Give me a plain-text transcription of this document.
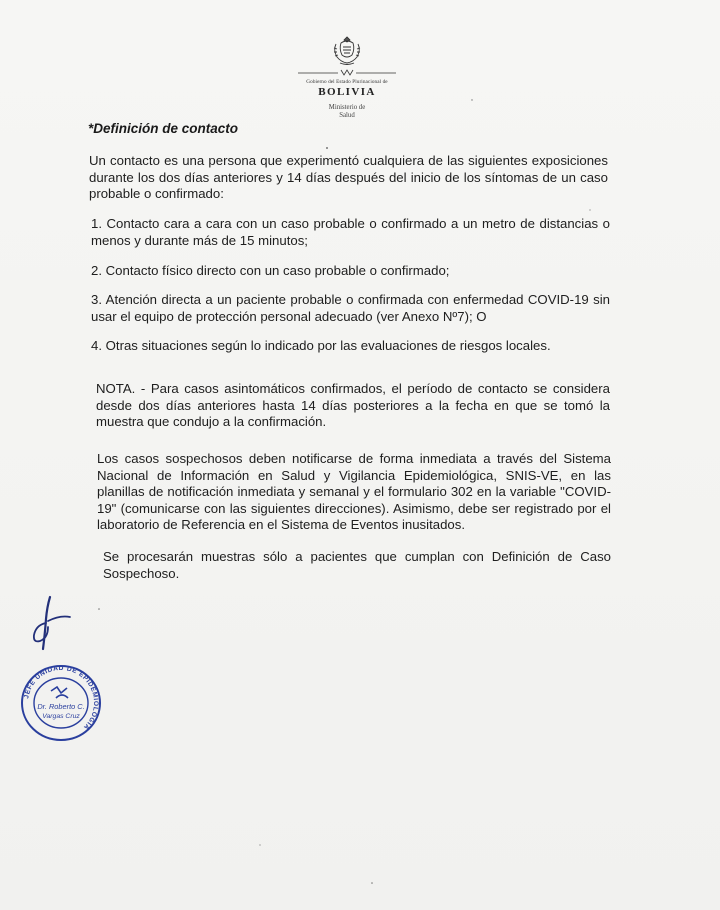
Gobierno del Estado Plurinacional de
BOLIVIA
Ministerio de
Salud
*Definición de contacto
Un contacto es una persona que experimentó cualquiera de las siguientes exposiciones durante los dos días anteriores y 14 días después del inicio de los síntomas de un caso probable o confirmado:
1. Contacto cara a cara con un caso probable o confirmado a un metro de distancias o menos y durante más de 15 minutos;
2. Contacto físico directo con un caso probable o confirmado;
3. Atención directa a un paciente probable o confirmada con enfermedad COVID-19 sin usar el equipo de protección personal adecuado (ver Anexo Nº7); O
4. Otras situaciones según lo indicado por las evaluaciones de riesgos locales.
NOTA. - Para casos asintomáticos confirmados, el período de contacto se considera desde dos días anteriores hasta 14 días posteriores a la fecha en que se tomó la muestra que condujo a la confirmación.
Los casos sospechosos deben notificarse de forma inmediata a través del Sistema Nacional de Información en Salud y Vigilancia Epidemiológica, SNIS-VE, en las planillas de notificación inmediata y semanal y el formulario 302 en la variable "COVID-19" (comunicarse con las siguientes direcciones). Asimismo, debe ser registrado por el laboratorio de Referencia en el Sistema de Eventos inusitados.
Se procesarán muestras sólo a pacientes que cumplan con Definición de Caso Sospechoso.
JEFE UNIDAD DE EPIDEMIOLOGÍA
Dr. Roberto C.
Vargas Cruz
